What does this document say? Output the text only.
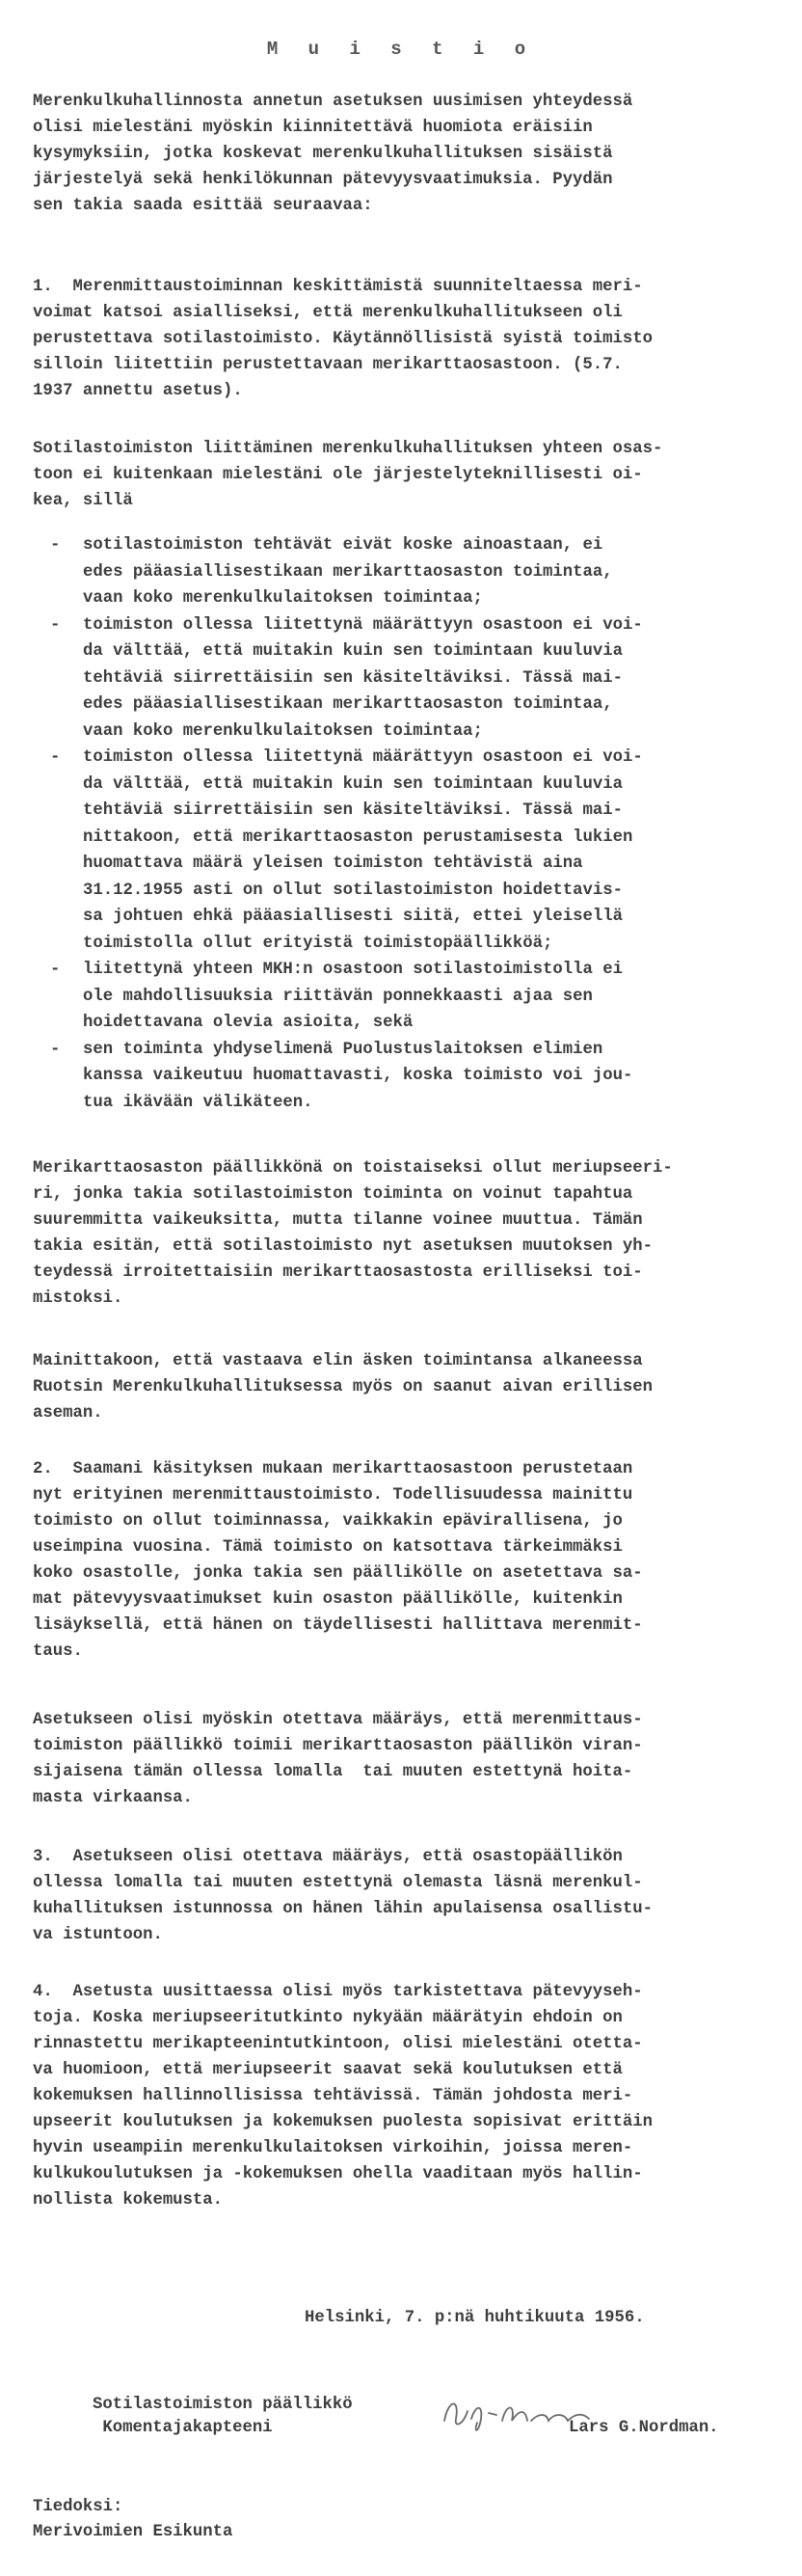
M u i s t i o

Merenkulkuhallinnosta annetun asetuksen uusimisen yhteydessä
olisi mielestäni myöskin kiinnitettävä huomiota eräisiin
kysymyksiin, jotka koskevat merenkulkuhallituksen sisäistä
järjestelyä sekä henkilökunnan pätevyysvaatimuksia. Pyydän
sen takia saada esittää seuraavaa:

1.  Merenmittaustoiminnan keskittämistä suunniteltaessa meri-
voimat katsoi asialliseksi, että merenkulkuhallitukseen oli
perustettava sotilastoimisto. Käytännöllisistä syistä toimisto
silloin liitettiin perustettavaan merikarttaosastoon. (5.7.
1937 annettu asetus).

Sotilastoimiston liittäminen merenkulkuhallituksen yhteen osas-
toon ei kuitenkaan mielestäni ole järjestelyteknillisesti oi-
kea, sillä

- sotilastoimiston tehtävät eivät koske ainoastaan, ei
edes pääasiallisestikaan merikarttaosaston toimintaa,
vaan koko merenkulkulaitoksen toimintaa;
- toimiston ollessa liitettynä määrättyyn osastoon ei voi-
da välttää, että muitakin kuin sen toimintaan kuuluvia
tehtäviä siirrettäisiin sen käsiteltäviksi. Tässä mai-
edes pääasiallisestikaan merikarttaosaston toimintaa,
vaan koko merenkulkulaitoksen toimintaa;
- toimiston ollessa liitettynä määrättyyn osastoon ei voi-
da välttää, että muitakin kuin sen toimintaan kuuluvia
tehtäviä siirrettäisiin sen käsiteltäviksi. Tässä mai-
nittakoon, että merikarttaosaston perustamisesta lukien
huomattava määrä yleisen toimiston tehtävistä aina
31.12.1955 asti on ollut sotilastoimiston hoidettavis-
sa johtuen ehkä pääasiallisesti siitä, ettei yleisellä
toimistolla ollut erityistä toimistopäällikköä;
- liitettynä yhteen MKH:n osastoon sotilastoimistolla ei
ole mahdollisuuksia riittävän ponnekkaasti ajaa sen
hoidettavana olevia asioita, sekä
- sen toiminta yhdyselimenä Puolustuslaitoksen elimien
kanssa vaikeutuu huomattavasti, koska toimisto voi jou-
tua ikävään välikäteen.

Merikarttaosaston päällikkönä on toistaiseksi ollut meriupseeri-
ri, jonka takia sotilastoimiston toiminta on voinut tapahtua
suuremmitta vaikeuksitta, mutta tilanne voinee muuttua. Tämän
takia esitän, että sotilastoimisto nyt asetuksen muutoksen yh-
teydessä irroitettaisiin merikarttaosastosta erilliseksi toi-
mistoksi.

Mainittakoon, että vastaava elin äsken toimintansa alkaneessa
Ruotsin Merenkulkuhallituksessa myös on saanut aivan erillisen
aseman.

2.  Saamani käsityksen mukaan merikarttaosastoon perustetaan
nyt erityinen merenmittaustoimisto. Todellisuudessa mainittu
toimisto on ollut toiminnassa, vaikkakin epävirallisena, jo
useimpina vuosina. Tämä toimisto on katsottava tärkeimmäksi
koko osastolle, jonka takia sen päällikölle on asetettava sa-
mat pätevyysvaatimukset kuin osaston päällikölle, kuitenkin
lisäyksellä, että hänen on täydellisesti hallittava merenmit-
taus.

Asetukseen olisi myöskin otettava määräys, että merenmittaus-
toimiston päällikkö toimii merikarttaosaston päällikön viran-
sijaisena tämän ollessa lomalla  tai muuten estettynä hoita-
masta virkaansa.

3.  Asetukseen olisi otettava määräys, että osastopäällikön
ollessa lomalla tai muuten estettynä olemasta läsnä merenkul-
kuhallituksen istunnossa on hänen lähin apulaisensa osallistu-
va istuntoon.

4.  Asetusta uusittaessa olisi myös tarkistettava pätevyyseh-
toja. Koska meriupseeritutkinto nykyään määrätyin ehdoin on
rinnastettu merikapteenintutkintoon, olisi mielestäni otetta-
va huomioon, että meriupseerit saavat sekä koulutuksen että
kokemuksen hallinnollisissa tehtävissä. Tämän johdosta meri-
upseerit koulutuksen ja kokemuksen puolesta sopisivat erittäin
hyvin useampiin merenkulkulaitoksen virkoihin, joissa meren-
kulkukoulutuksen ja -kokemuksen ohella vaaditaan myös hallin-
nollista kokemusta.

Helsinki, 7. p:nä huhtikuuta 1956.
Sotilastoimiston päällikkö
Komentajakapteeni	Lars G.Nordman.
Tiedoksi:
Merivoimien Esikunta
